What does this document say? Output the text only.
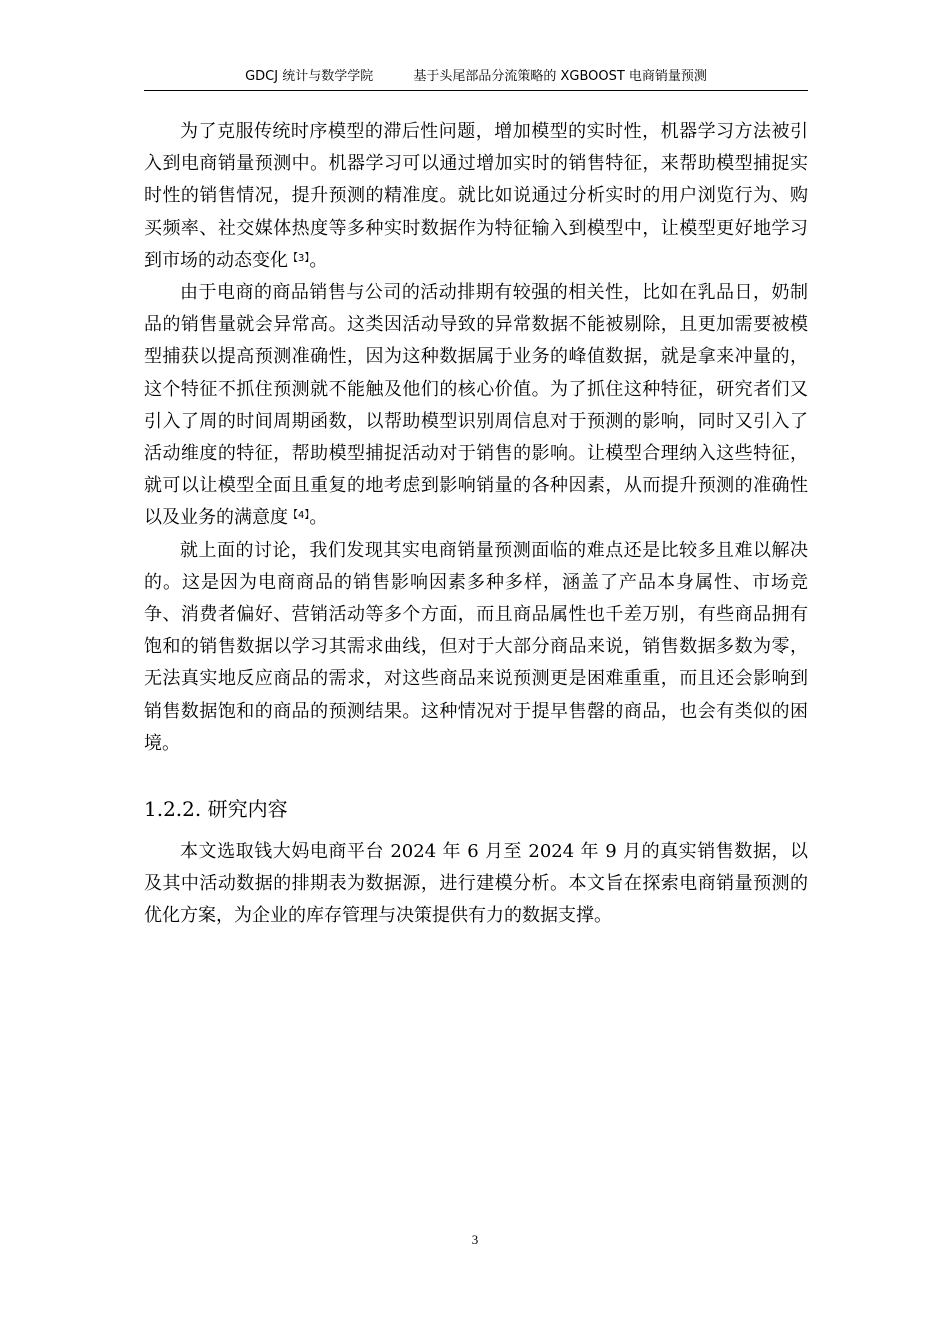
GDCJ 统计与数学学院	基于头尾部品分流策略的 XGBOOST 电商销量预测

为了克服传统时序模型的滞后性问题，增加模型的实时性，机器学习方法被引入到电商销量预测中。机器学习可以通过增加实时的销售特征，来帮助模型捕捉实时性的销售情况，提升预测的精准度。就比如说通过分析实时的用户浏览行为、购买频率、社交媒体热度等多种实时数据作为特征输入到模型中，让模型更好地学习到市场的动态变化$^{【3】}$。

由于电商的商品销售与公司的活动排期有较强的相关性，比如在乳品日，奶制品的销售量就会异常高。这类因活动导致的异常数据不能被剔除，且更加需要被模型捕获以提高预测准确性，因为这种数据属于业务的峰值数据，就是拿来冲量的，这个特征不抓住预测就不能触及他们的核心价值。为了抓住这种特征，研究者们又引入了周的时间周期函数，以帮助模型识别周信息对于预测的影响，同时又引入了活动维度的特征，帮助模型捕捉活动对于销售的影响。让模型合理纳入这些特征，就可以让模型全面且重复的地考虑到影响销量的各种因素，从而提升预测的准确性以及业务的满意度$^{【4】}$。

就上面的讨论，我们发现其实电商销量预测面临的难点还是比较多且难以解决的。这是因为电商商品的销售影响因素多种多样，涵盖了产品本身属性、市场竞争、消费者偏好、营销活动等多个方面，而且商品属性也千差万别，有些商品拥有饱和的销售数据以学习其需求曲线，但对于大部分商品来说，销售数据多数为零，无法真实地反应商品的需求，对这些商品来说预测更是困难重重，而且还会影响到销售数据饱和的商品的预测结果。这种情况对于提早售罄的商品，也会有类似的困境。

1.2.2. 研究内容

本文选取钱大妈电商平台 2024 年 6 月至 2024 年 9 月的真实销售数据，以及其中活动数据的排期表为数据源，进行建模分析。本文旨在探索电商销量预测的优化方案，为企业的库存管理与决策提供有力的数据支撑。

3
